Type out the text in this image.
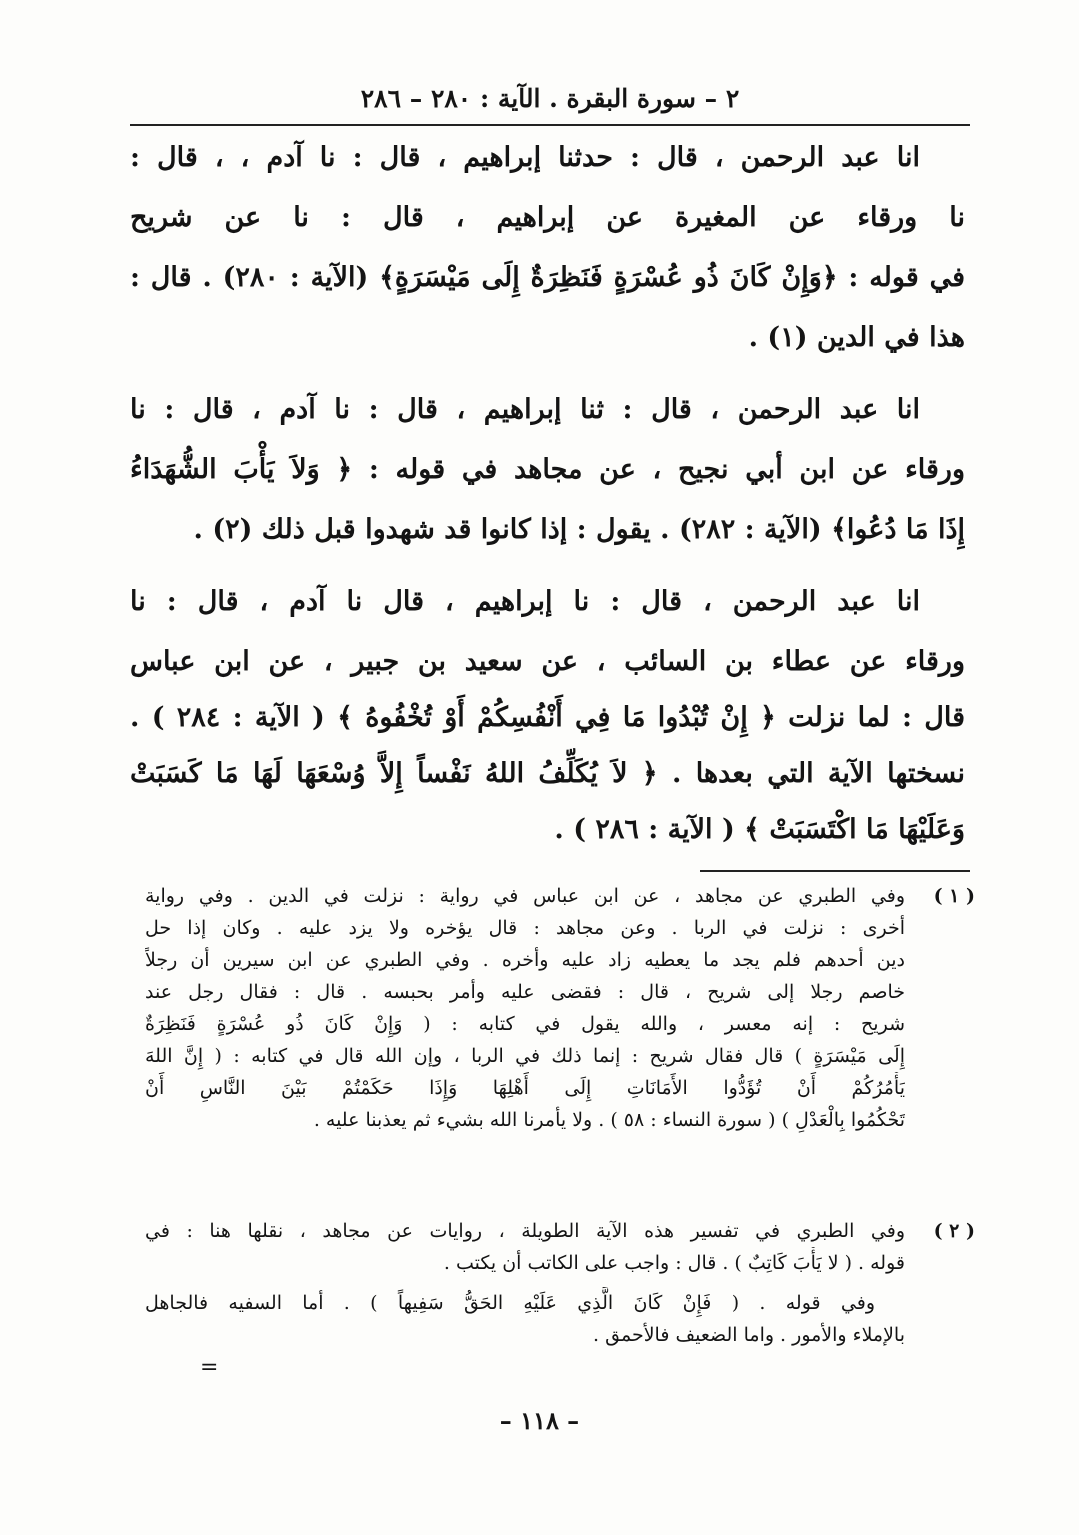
٢ – سورة البقرة . الآية : ٢٨٠ – ٢٨٦
انا عبد الرحمن ، قال : حدثنا إبراهيم ، قال : نا آدم ، ، قال :
نا ورقاء عن المغيرة عن إبراهيم ، قال : نا عن شريح
في قوله : ﴿وَإِنْ كَانَ ذُو عُسْرَةٍ فَنَظِرَةٌ إِلَى مَيْسَرَةٍ﴾ (الآية : ٢٨٠) . قال :
هذا في الدين (١) .
انا عبد الرحمن ، قال : ثنا إبراهيم ، قال : نا آدم ، قال : نا
ورقاء عن ابن أبي نجيح ، عن مجاهد في قوله : ﴿ وَلاَ يَأْبَ الشُّهَدَاءُ
إِذَا مَا دُعُوا﴾ (الآية : ٢٨٢) . يقول : إذا كانوا قد شهدوا قبل ذلك (٢) .
انا عبد الرحمن ، قال : نا إبراهيم ، قال نا آدم ، قال : نا
ورقاء عن عطاء بن السائب ، عن سعيد بن جبير ، عن ابن عباس
قال : لما نزلت ﴿ إِنْ تُبْدُوا مَا فِي أَنْفُسِكُمْ أَوْ تُخْفُوهُ ﴾ ( الآية : ٢٨٤ ) .
نسختها الآية التي بعدها . ﴿ لاَ يُكَلِّفُ اللهُ نَفْساً إِلاَّ وُسْعَهَا لَهَا مَا كَسَبَتْ
وَعَلَيْهَا مَا اكْتَسَبَتْ ﴾ ( الآية : ٢٨٦ ) .
( ١ )
وفي الطبري عن مجاهد ، عن ابن عباس في رواية : نزلت في الدين . وفي رواية
أخرى : نزلت في الربا . وعن مجاهد : قال يؤخره ولا يزد عليه . وكان إذا حل
دين أحدهم فلم يجد ما يعطيه زاد عليه وأخره . وفي الطبري عن ابن سيرين أن رجلاً
خاصم رجلا إلى شريح ، قال : فقضى عليه وأمر بحبسه . قال : فقال رجل عند
شريح : إنه معسر ، والله يقول في كتابه : ( وَإِنْ كَانَ ذُو عُسْرَةٍ فَنَظِرَةٌ
إِلَى مَيْسَرَةٍ ) قال فقال شريح : إنما ذلك في الربا ، وإن الله قال في كتابه : ( إِنَّ اللهَ
يَأْمُرُكُمْ أَنْ تُؤَدُّوا الأَمَانَاتِ إِلَى أَهْلِهَا وَإِذَا حَكَمْتُمْ بَيْنَ النَّاسِ أَنْ
تَحْكُمُوا بِالْعَدْلِ ) ( سورة النساء : ٥٨ ) . ولا يأمرنا الله بشيء ثم يعذبنا عليه .
( ٢ )
وفي الطبري في تفسير هذه الآية الطويلة ، روايات عن مجاهد ، نقلها هنا : في
قوله . ( لا يَأْبَ كَاتِبٌ ) . قال : واجب على الكاتب أن يكتب .
وفي قوله . ( فَإِنْ كَانَ الَّذِي عَلَيْهِ الحَقُّ سَفِيهاً ) . أما السفيه فالجاهل
بالإملاء والأمور . واما الضعيف فالأحمق .
=
– ١١٨ –
